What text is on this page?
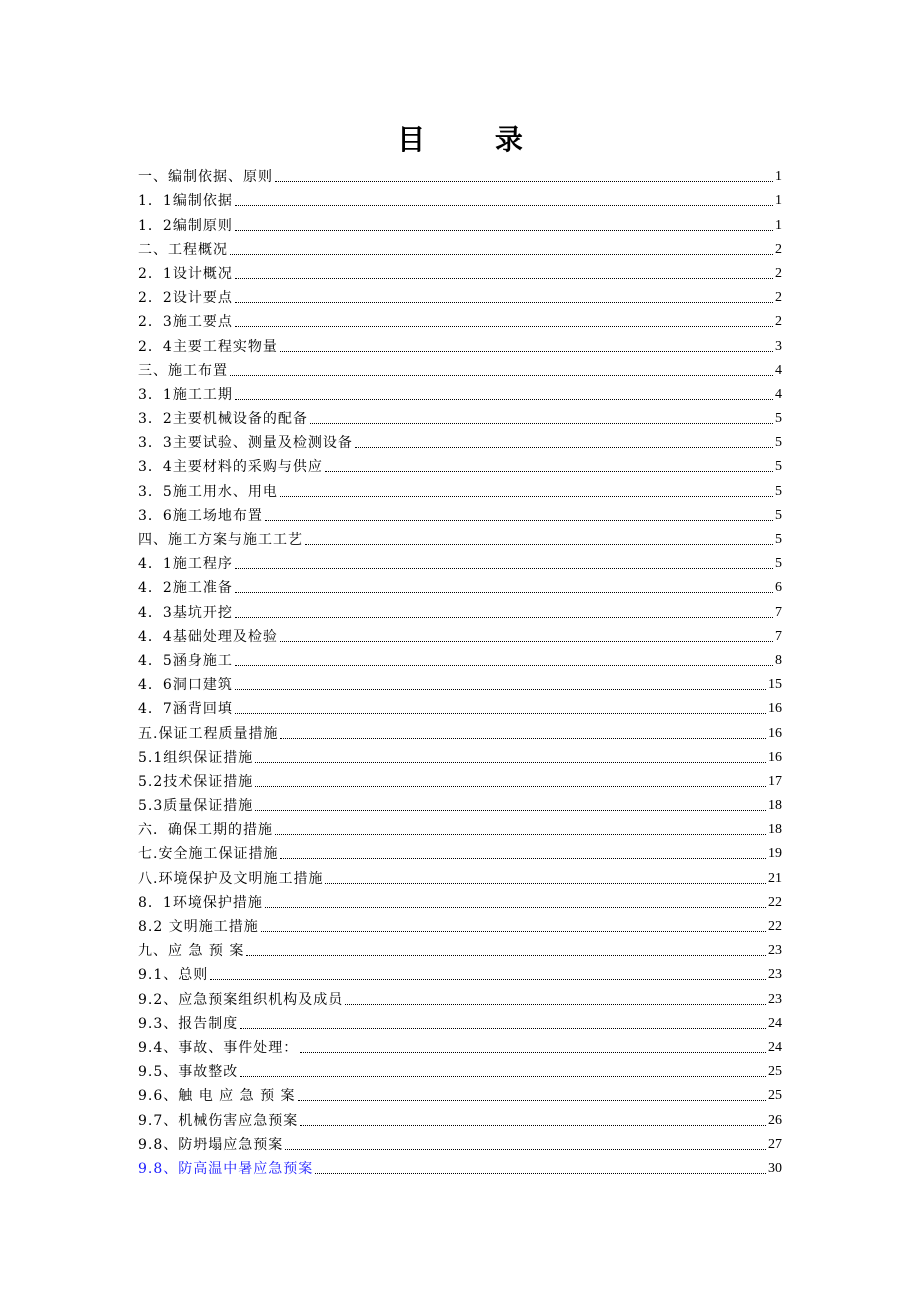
目 录
一、编制依据、原则	1
1．1编制依据	1
1．2编制原则	1
二、工程概况	2
2．1设计概况	2
2．2设计要点	2
2．3施工要点	2
2．4主要工程实物量	3
三、施工布置	4
3．1施工工期	4
3．2主要机械设备的配备	5
3．3主要试验、测量及检测设备	5
3．4主要材料的采购与供应	5
3．5施工用水、用电	5
3．6施工场地布置	5
四、施工方案与施工工艺	5
4．1施工程序	5
4．2施工准备	6
4．3基坑开挖	7
4．4基础处理及检验	7
4．5涵身施工	8
4．6洞口建筑	15
4．7涵背回填	16
五.保证工程质量措施	16
5.1组织保证措施	16
5.2技术保证措施	17
5.3质量保证措施	18
六．确保工期的措施	18
七.安全施工保证措施	19
八.环境保护及文明施工措施	21
8．1环境保护措施	22
8.2 文明施工措施	22
九、应 急 预 案	23
9.1、总则	23
9.2、应急预案组织机构及成员	23
9.3、报告制度	24
9.4、事故、事件处理：	24
9.5、事故整改	25
9.6、触 电 应 急 预 案	25
9.7、机械伤害应急预案	26
9.8、防坍塌应急预案	27
9.8、防高温中暑应急预案	30
